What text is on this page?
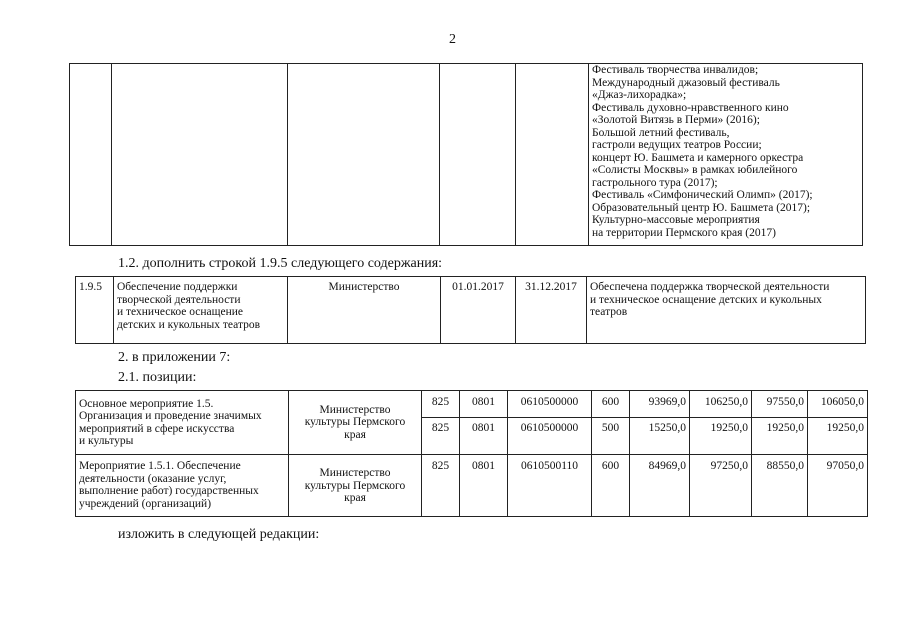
2
					Фестиваль творчества инвалидов;
Международный джазовый фестиваль
«Джаз-лихорадка»;
Фестиваль духовно-нравственного кино
«Золотой Витязь в Перми» (2016);
Большой летний фестиваль,
гастроли ведущих театров России;
концерт Ю. Башмета и камерного оркестра
«Солисты Москвы» в рамках юбилейного
гастрольного тура (2017);
Фестиваль «Симфонический Олимп» (2017);
Образовательный центр Ю. Башмета (2017);
Культурно-массовые мероприятия
на территории Пермского края (2017)
1.2. дополнить строкой 1.9.5 следующего содержания:
1.9.5	Обеспечение поддержки
творческой деятельности
и техническое оснащение
детских и кукольных театров	Министерство	01.01.2017	31.12.2017	Обеспечена поддержка творческой деятельности
и техническое оснащение детских и кукольных
театров
2. в приложении 7:
2.1. позиции:
Основное мероприятие 1.5.
Организация и проведение значимых
мероприятий в сфере искусства
и культуры	Министерство
культуры Пермского
края	825	0801	0610500000	600	93969,0	106250,0	97550,0	106050,0
		825	0801	0610500000	500	15250,0	19250,0	19250,0	19250,0
Мероприятие 1.5.1. Обеспечение
деятельности (оказание услуг,
выполнение работ) государственных
учреждений (организаций)	Министерство
культуры Пермского
края	825	0801	0610500110	600	84969,0	97250,0	88550,0	97050,0
изложить в следующей редакции:
